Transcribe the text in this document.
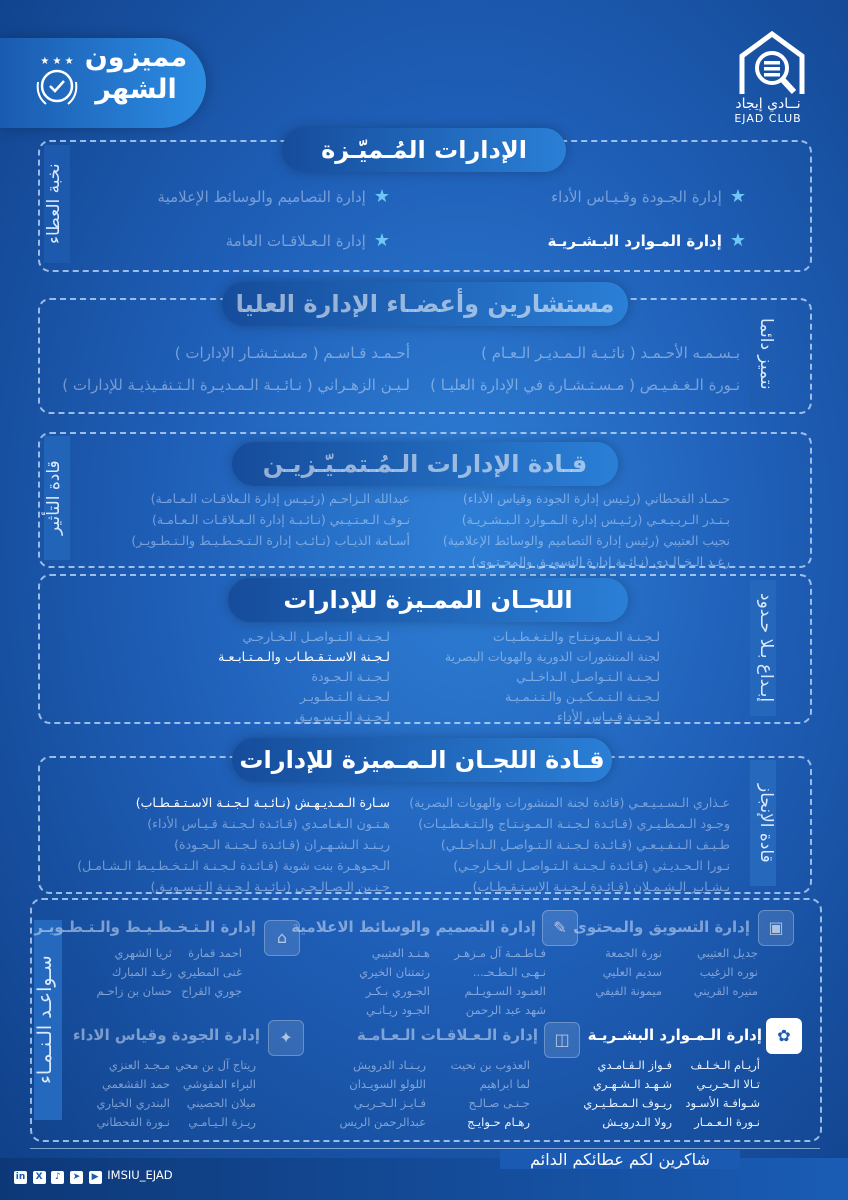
★ ★ ★ مميزون
الشهر	نــادي إيجاد
EJAD CLUB
نخبة العطاء
الإدارات المُـميّـزة
★إدارة الجـودة وقـيـاس الأداء
★إدارة التصاميم والوسائط الإعلامية
★إدارة المـوارد البـشـريـة
★إدارة الـعـلاقـات العامة
نتميز دائما
مستشارين وأعضـاء الإدارة العليا
بـسـمـه الأحـمـد ( نائـبـة الـمـديـر الـعـام )
أحـمـد قـاسـم ( مـسـتـشـار الإدارات )
نـورة الـغـفـيـص ( مـسـتـشـارة في الإدارة العليـا )
لـيـن الزهـراني ( نـائـبـة الـمـديـرة الـتـنفـيذيـة للإدارات )
قادة التأثير	قـادة الإدارات الـمُـتمـيّـزيـن
حـمـاد القحطاني (رئـيس إدارة الجودة وقياس الأداء)
بـنـدر الـربـيـعـي (رئـيـس إدارة الـمـوارد الـبـشـريـة)
نجيب العتيبي (رئيس إدارة التصاميم والوسائط الإعلامية)
رغـد الـخـالـدي (نـائـبة إدارة التسويـق والمحـتـوى)
عبدالله الـزاحـم (رئـيـس إدارة الـعلاقـات الـعـامـة)
نـوف الـعـتـيـبي (نـائـبـة إدارة الـعـلاقـات الـعـامـة)
أسـامة الذيـاب (نـائـب إدارة الـتـخـطـيـط والـتـطـويـر)
إبـداع بـلا حـدود
اللجـان الممـيزة للإدارات
لـجـنـة الـمـونـتـاج والـتـغـطـيـات
لجنة المنشورات الدورية والهويات البصرية
لـجـنـة الـتـواصـل الـداخـلـي
لـجـنـة الـتـمـكـيـن والـتـنـمـيـة
لـجـنـة قـيـاس الأداء
لـجـنـة الـتـواصـل الـخـارجـي
لـجـنة الاسـتـقـطـاب والـمـتـابـعـة
لـجـنـة الـجـودة
لـجـنـة الـتـطـويـر
لـجـنـة الـتـسـويـق
قادة الإنجاز
قـادة اللجـان الـمـميزة للإدارات
عـذاري الـسـبـيـعـي (قائدة لجنة المنشورات والهويات البصرية)
وجـود الـمـطـيـري (قـائـدة لـجـنـة الـمـونـتـاج والـتـغـطـيـات)
طـيـف الـنـفـيـعـي (قـائـدة لـجـنـة الـتـواصـل الـداخـلـي)
نـورا الـحـديـثي (قـائـدة لـجـنـة الـتـواصـل الـخـارجـي)
بـشـايـر الـشـمـلان (قـائـدة لـجـنـة الاسـتـقـطـاب)
سـارة الـمـديـهـش (نـائـبـة لـجـنـة الاسـتـقـطـاب)
هـتـون الـغـامـدي (قـائـدة لـجـنـة قـيـاس الأداء)
ريـنـد الـشـهـران (قـائـدة لـجـنـة الـجـودة)
الـجـوهـرة بنت شوية (قـائـدة لـجـنـة الـتـخـطـيـط الـشـامـل)
حـنـين الـصـالـحـي (نـائـبـة لـجـنـة الـتـسـويـق)
سـواعـد الـنـمـاء
▣
إدارة التسويق والمحتوى
جديل العتيبي
نوره الزغيب
منيره القريني
نورة الجمعة
سديم العليي
ميمونة الفيفي
✎
إدارة التصميم والوسائط الاعلامية
فـاطـمـة آل مـزهـر
نـهـى الـطـحـ...
العنـود السـويـلـم
شهد عبد الرحمن
هـنـد العتيبي
رتمتنان الخيري
الجـوري بـكـر
الجـود ريـانـي
⌂
إدارة الـتـخـطـيـط والـتـطـويـر
احمد قمارة
غنى المطيري
جوري القراح
ثريا الشهري
رغـد المبارك
حسان بن زاحـم
✿
إدارة الـمـوارد البشـريـة
أريـام الـخـلـف
تـالا الـحـربـي
شـوافـة الأسـود
نـورة الـعـمـار
فـواز الـقـامـدي
شـهـد الـشـهـري
ريـوف الـمـطـيـري
رولا الـدرويـش
◫
إدارة الـعـلاقـات الـعـامـة
العذوب بن نحيت
لما ابراهيم
جـنـى صـالـح
رهـام حـوايـج
ريـنـاد الدرويش
اللولو السويـدان
فـايـز الـحـربـي
عبدالرحمن الريس
✦
إدارة الجودة وقياس الاداء
ريتاج آل بن محي
البراء المقوشي
ميلان الحصيني
ريـزة الـيـامـي
مـجـد العنزي
حمد القشعمي
البندري الخياري
نـورة القحطاني
شاكرين لكم عطائكم الدائم
in X ♪ ➤ ▶ IMSIU_EJAD
